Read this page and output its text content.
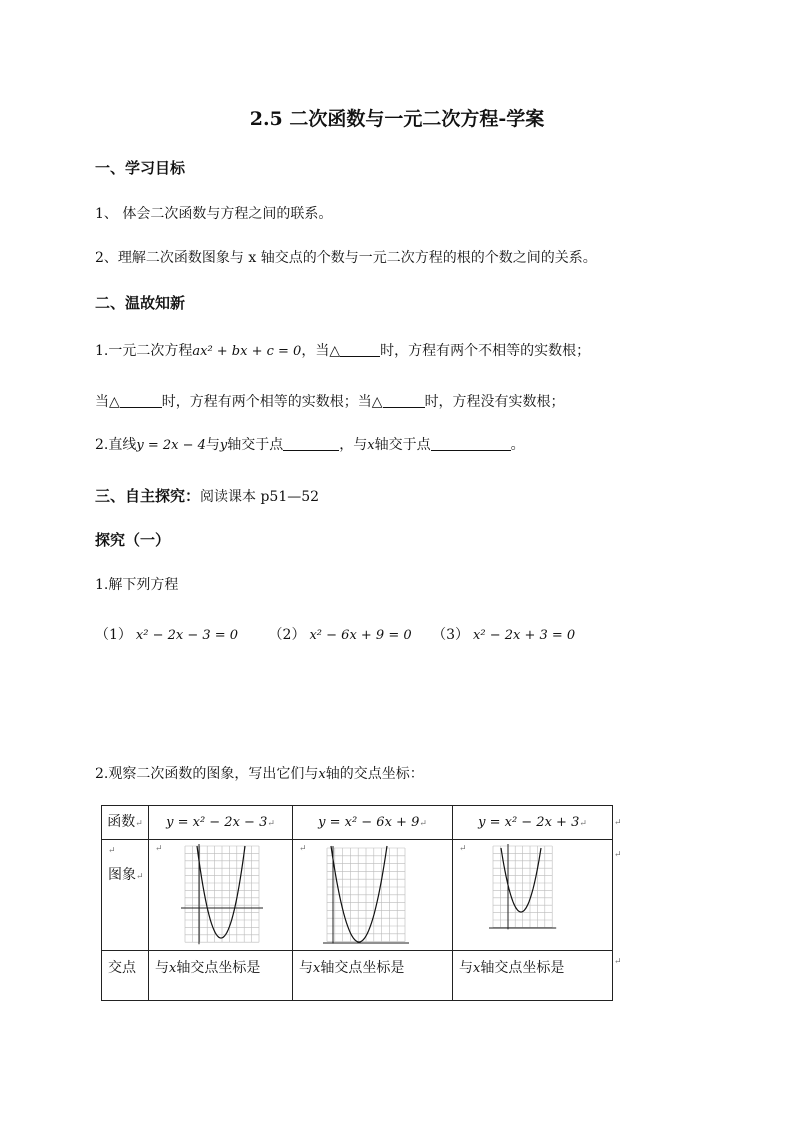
2.5 二次函数与一元二次方程-学案
一、学习目标
1、 体会二次函数与方程之间的联系。
2、理解二次函数图象与 x 轴交点的个数与一元二次方程的根的个数之间的关系。
二、温故知新
1.一元二次方程ax² + bx + c = 0，当△	时，方程有两个不相等的实数根；
当△	时，方程有两个相等的实数根；当△	时，方程没有实数根；
2.直线y = 2x − 4与y轴交于点	，与x轴交于点	。
三、自主探究：阅读课本 p51—52
探究（一）
1.解下列方程
（1） x² − 2x − 3 = 0 （2） x² − 6x + 9 = 0 （3） x² − 2x + 3 = 0
2.观察二次函数的图象，写出它们与x轴的交点坐标：
函数↵	y = x² − 2x − 3↵	y = x² − 6x + 9↵	y = x² − 2x + 3↵

↵
图象↵	↵	↵	↵

交点	与x轴交点坐标是	与x轴交点坐标是	与x轴交点坐标是
↵
↵
↵
